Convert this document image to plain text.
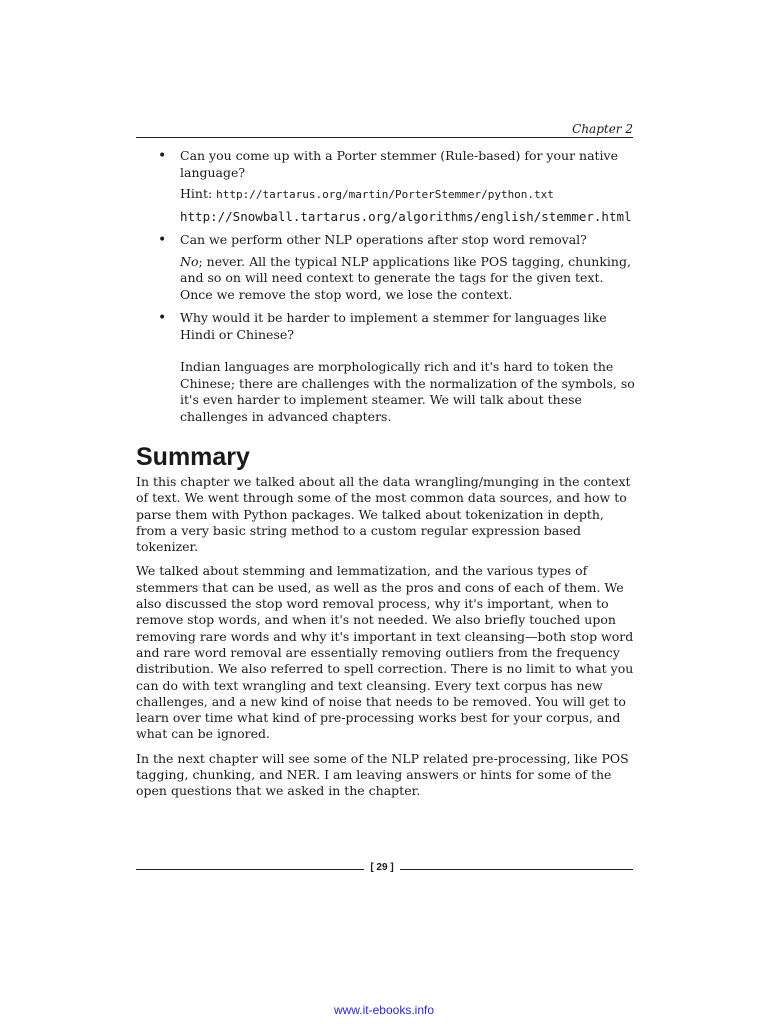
Chapter 2
• Can you come up with a Porter stemmer (Rule-based) for your native language?

Hint: http://tartarus.org/martin/PorterStemmer/python.txt

http://Snowball.tartarus.org/algorithms/english/stemmer.html

• Can we perform other NLP operations after stop word removal?

No; never. All the typical NLP applications like POS tagging, chunking, and so on will need context to generate the tags for the given text. Once we remove the stop word, we lose the context.

• Why would it be harder to implement a stemmer for languages like Hindi or Chinese?

Indian languages are morphologically rich and it's hard to token the Chinese; there are challenges with the normalization of the symbols, so it's even harder to implement steamer. We will talk about these challenges in advanced chapters.

Summary

In this chapter we talked about all the data wrangling/munging in the context of text. We went through some of the most common data sources, and how to parse them with Python packages. We talked about tokenization in depth, from a very basic string method to a custom regular expression based tokenizer.

We talked about stemming and lemmatization, and the various types of stemmers that can be used, as well as the pros and cons of each of them. We also discussed the stop word removal process, why it's important, when to remove stop words, and when it's not needed. We also briefly touched upon removing rare words and why it's important in text cleansing—both stop word and rare word removal are essentially removing outliers from the frequency distribution. We also referred to spell correction. There is no limit to what you can do with text wrangling and text cleansing. Every text corpus has new challenges, and a new kind of noise that needs to be removed. You will get to learn over time what kind of pre-processing works best for your corpus, and what can be ignored.

In the next chapter will see some of the NLP related pre-processing, like POS tagging, chunking, and NER. I am leaving answers or hints for some of the open questions that we asked in the chapter.

[ 29 ]
www.it-ebooks.info
